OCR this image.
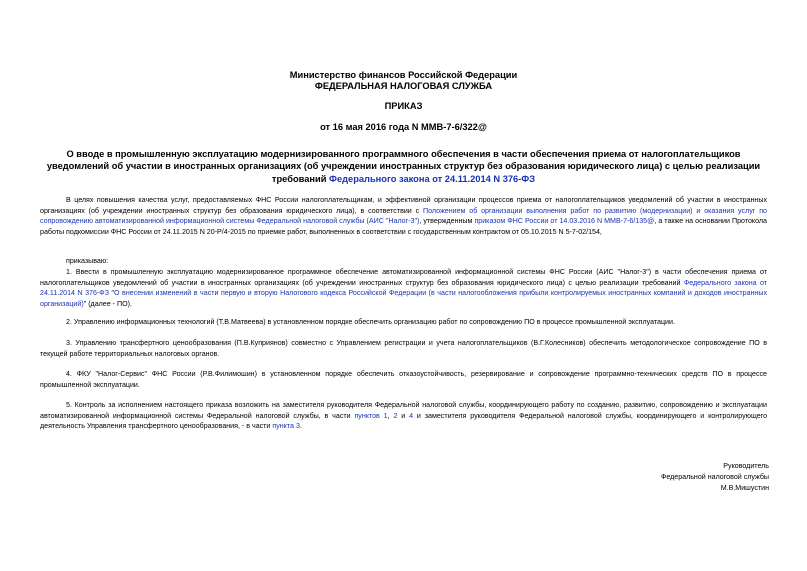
Министерство финансов Российской Федерации
ФЕДЕРАЛЬНАЯ НАЛОГОВАЯ СЛУЖБА
ПРИКАЗ
от 16 мая 2016 года N ММВ-7-6/322@
О вводе в промышленную эксплуатацию модернизированного программного обеспечения в части обеспечения приема от налогоплательщиков уведомлений об участии в иностранных организациях (об учреждении иностранных структур без образования юридического лица) с целью реализации требований Федерального закона от 24.11.2014 N 376-ФЗ
В целях повышения качества услуг, предоставляемых ФНС России налогоплательщикам, и эффективной организации процессов приема от налогоплательщиков уведомлений об участии в иностранных организациях (об учреждении иностранных структур без образования юридического лица), в соответствии с Положением об организации выполнения работ по развитию (модернизации) и оказания услуг по сопровождению автоматизированной информационной системы Федеральной налоговой службы (АИС "Налог-3"), утвержденным приказом ФНС России от 14.03.2016 N ММВ-7-6/135@, а также на основании Протокола работы подкомиссии ФНС России от 24.11.2015 N 20-Р/4-2015 по приемке работ, выполненных в соответствии с государственным контрактом от 05.10.2015 N 5-7-02/154,
приказываю:
1. Ввести в промышленную эксплуатацию модернизированное программное обеспечение автоматизированной информационной системы ФНС России (АИС "Налог-3") в части обеспечения приема от налогоплательщиков уведомлений об участии в иностранных организациях (об учреждении иностранных структур без образования юридического лица) с целью реализации требований Федерального закона от 24.11.2014 N 376-ФЗ "О внесении изменений в части первую и вторую Налогового кодекса Российской Федерации (в части налогообложения прибыли контролируемых иностранных компаний и доходов иностранных организаций)" (далее - ПО).
2. Управлению информационных технологий (Т.В.Матвеева) в установленном порядке обеспечить организацию работ по сопровождению ПО в процессе промышленной эксплуатации.
3. Управлению трансфертного ценообразования (П.В.Куприянов) совместно с Управлением регистрации и учета налогоплательщиков (В.Г.Колесников) обеспечить методологическое сопровождение ПО в текущей работе территориальных налоговых органов.
4. ФКУ "Налог-Сервис" ФНС России (Р.В.Филимошин) в установленном порядке обеспечить отказоустойчивость, резервирование и сопровождение программно-технических средств ПО в процессе промышленной эксплуатации.
5. Контроль за исполнением настоящего приказа возложить на заместителя руководителя Федеральной налоговой службы, координирующего работу по созданию, развитию, сопровождению и эксплуатации автоматизированной информационной системы Федеральной налоговой службы, в части пунктов 1, 2 и 4 и заместителя руководителя Федеральной налоговой службы, координирующего и контролирующего деятельность Управления трансфертного ценообразования, - в части пункта 3.
Руководитель
Федеральной налоговой службы
М.В.Мишустин
